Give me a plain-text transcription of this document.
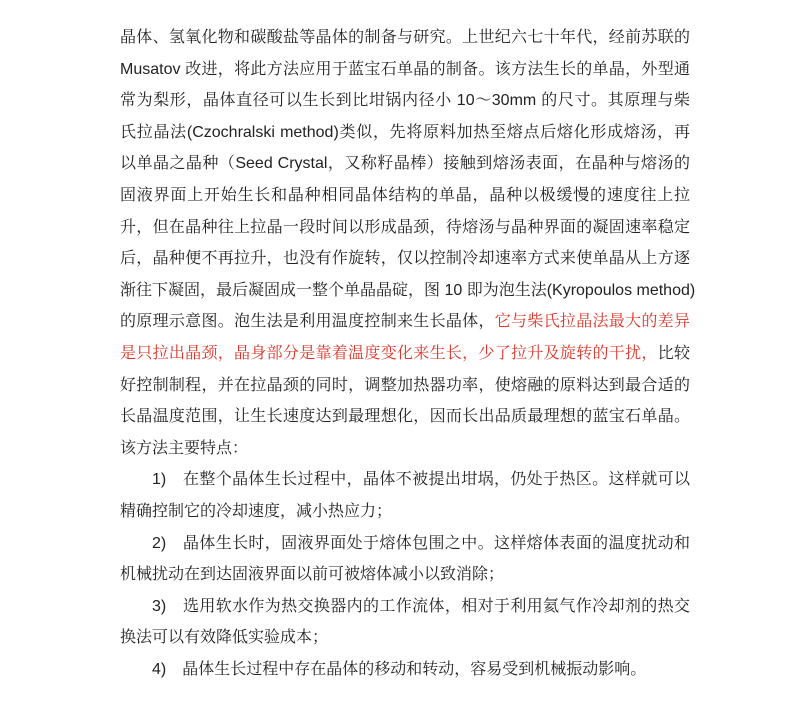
晶体、氢氧化物和碳酸盐等晶体的制备与研究。上世纪六七十年代，经前苏联的
Musatov 改进，将此方法应用于蓝宝石单晶的制备。该方法生长的单晶，外型通
常为梨形，晶体直径可以生长到比坩锅内径小 10～30mm 的尺寸。其原理与柴
氏拉晶法(Czochralski method)类似，先将原料加热至熔点后熔化形成熔汤，再
以单晶之晶种（Seed Crystal，又称籽晶棒）接触到熔汤表面，在晶种与熔汤的
固液界面上开始生长和晶种相同晶体结构的单晶，晶种以极缓慢的速度往上拉
升，但在晶种往上拉晶一段时间以形成晶颈，待熔汤与晶种界面的凝固速率稳定
后，晶种便不再拉升，也没有作旋转，仅以控制冷却速率方式来使单晶从上方逐
渐往下凝固，最后凝固成一整个单晶晶碇，图 10 即为泡生法(Kyropoulos method)
的原理示意图。泡生法是利用温度控制来生长晶体，它与柴氏拉晶法最大的差异
是只拉出晶颈，晶身部分是靠着温度变化来生长，少了拉升及旋转的干扰，比较
好控制制程，并在拉晶颈的同时，调整加热器功率，使熔融的原料达到最合适的
长晶温度范围，让生长速度达到最理想化，因而长出品质最理想的蓝宝石单晶。
该方法主要特点：
1)　在整个晶体生长过程中，晶体不被提出坩埚，仍处于热区。这样就可以
精确控制它的冷却速度，减小热应力；
2)　晶体生长时，固液界面处于熔体包围之中。这样熔体表面的温度扰动和
机械扰动在到达固液界面以前可被熔体减小以致消除；
3)　选用软水作为热交换器内的工作流体，相对于利用氦气作冷却剂的热交
换法可以有效降低实验成本；
4)　晶体生长过程中存在晶体的移动和转动，容易受到机械振动影响。
